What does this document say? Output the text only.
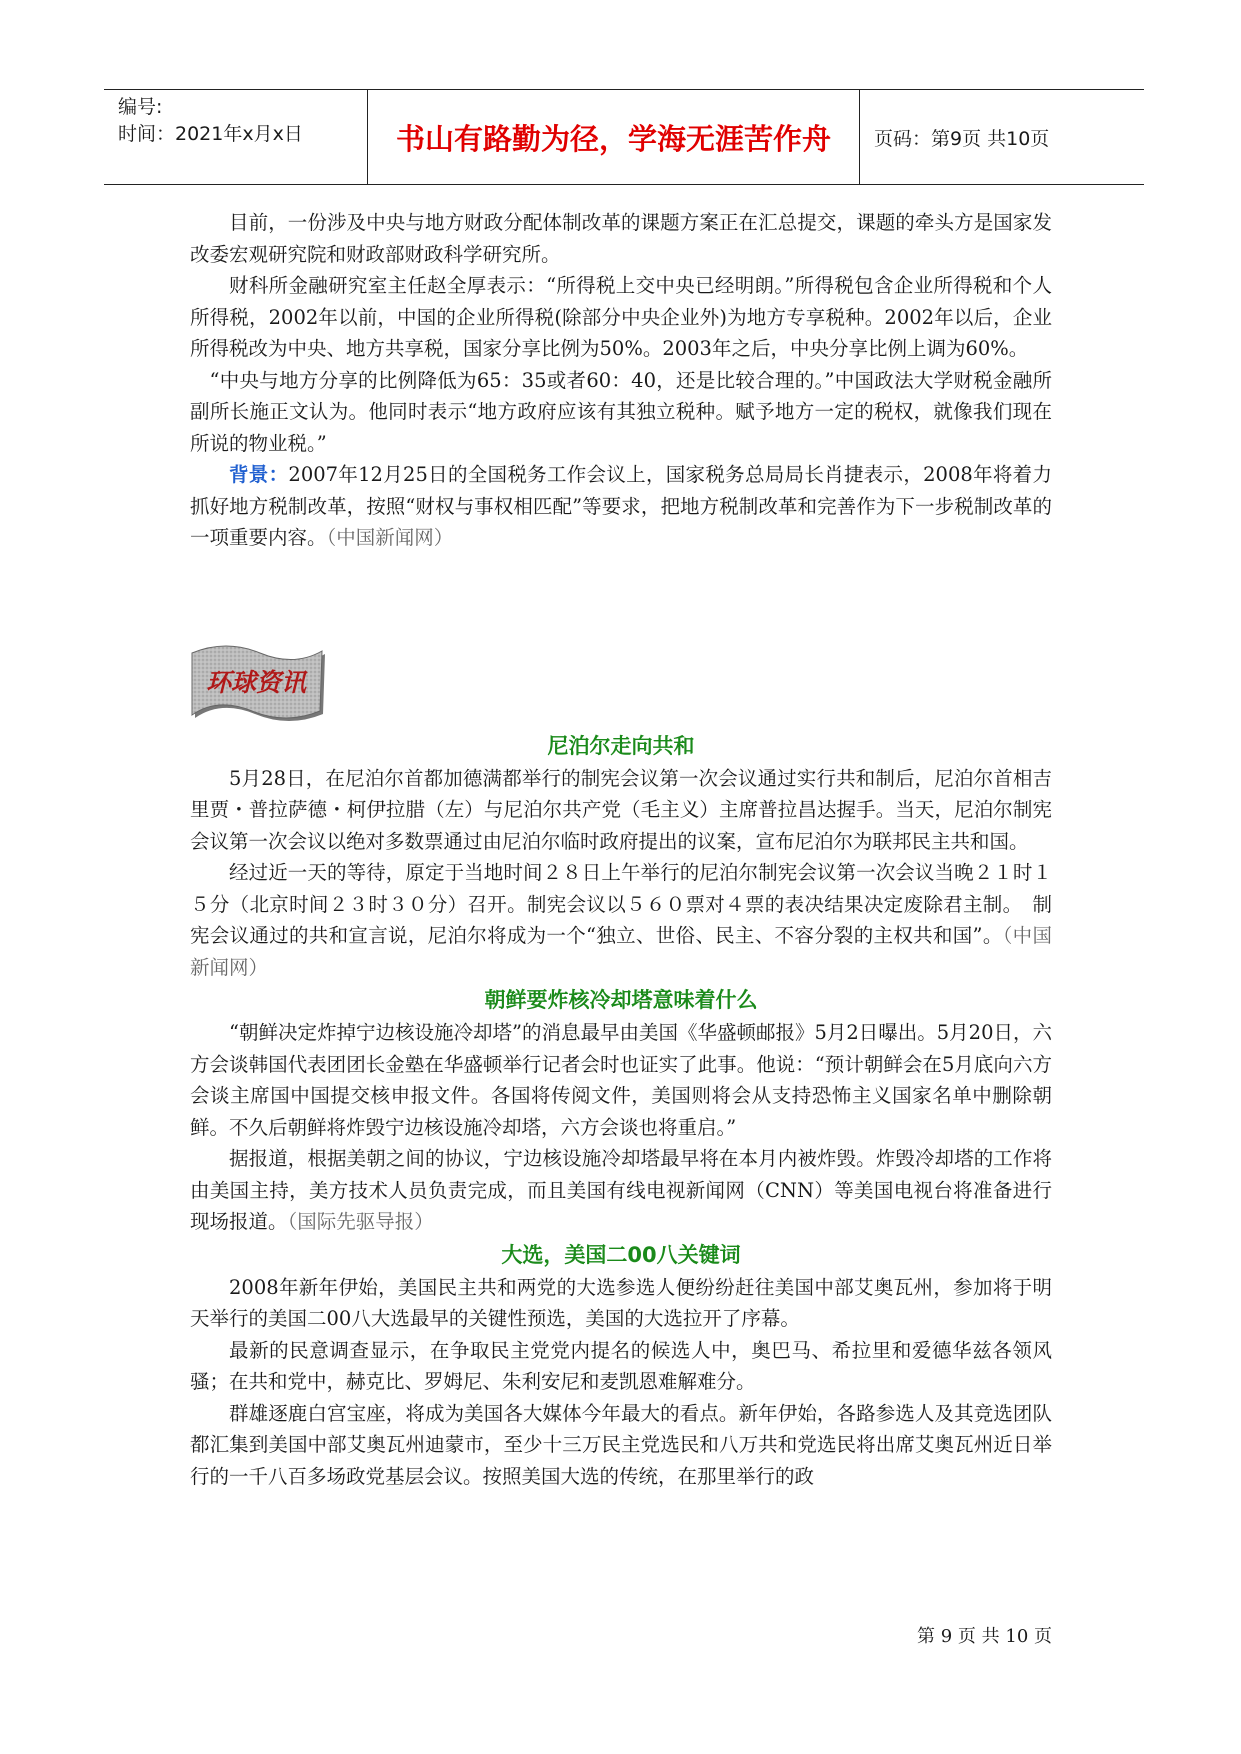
编号:
时间：2021年x月x日	书山有路勤为径，学海无涯苦作舟 页码：第9页 共10页

目前，一份涉及中央与地方财政分配体制改革的课题方案正在汇总提交，课题的牵头方是国家发改委宏观研究院和财政部财政科学研究所。

财科所金融研究室主任赵全厚表示：“所得税上交中央已经明朗。”所得税包含企业所得税和个人所得税，2002年以前，中国的企业所得税(除部分中央企业外)为地方专享税种。2002年以后，企业所得税改为中央、地方共享税，国家分享比例为50%。2003年之后，中央分享比例上调为60%。

“中央与地方分享的比例降低为65：35或者60：40，还是比较合理的。”中国政法大学财税金融所副所长施正文认为。他同时表示“地方政府应该有其独立税种。赋予地方一定的税权，就像我们现在所说的物业税。”

背景：2007年12月25日的全国税务工作会议上，国家税务总局局长肖捷表示，2008年将着力抓好地方税制改革，按照“财权与事权相匹配”等要求，把地方税制改革和完善作为下一步税制改革的一项重要内容。（中国新闻网）

环球资讯

尼泊尔走向共和

5月28日，在尼泊尔首都加德满都举行的制宪会议第一次会议通过实行共和制后，尼泊尔首相吉里贾・普拉萨德・柯伊拉腊（左）与尼泊尔共产党（毛主义）主席普拉昌达握手。当天，尼泊尔制宪会议第一次会议以绝对多数票通过由尼泊尔临时政府提出的议案，宣布尼泊尔为联邦民主共和国。

经过近一天的等待，原定于当地时间２８日上午举行的尼泊尔制宪会议第一次会议当晚２１时１５分（北京时间２３时３０分）召开。制宪会议以５６０票对４票的表决结果决定废除君主制。　制宪会议通过的共和宣言说，尼泊尔将成为一个“独立、世俗、民主、不容分裂的主权共和国”。（中国新闻网）

朝鲜要炸核冷却塔意味着什么

“朝鲜决定炸掉宁边核设施冷却塔”的消息最早由美国《华盛顿邮报》5月2日曝出。5月20日，六方会谈韩国代表团团长金塾在华盛顿举行记者会时也证实了此事。他说：“预计朝鲜会在5月底向六方会谈主席国中国提交核申报文件。各国将传阅文件，美国则将会从支持恐怖主义国家名单中删除朝鲜。不久后朝鲜将炸毁宁边核设施冷却塔，六方会谈也将重启。”

据报道，根据美朝之间的协议，宁边核设施冷却塔最早将在本月内被炸毁。炸毁冷却塔的工作将由美国主持，美方技术人员负责完成，而且美国有线电视新闻网（CNN）等美国电视台将准备进行现场报道。（国际先驱导报）

大选，美国二00八关键词

2008年新年伊始，美国民主共和两党的大选参选人便纷纷赶往美国中部艾奥瓦州，参加将于明天举行的美国二00八大选最早的关键性预选，美国的大选拉开了序幕。

最新的民意调查显示，在争取民主党党内提名的候选人中，奥巴马、希拉里和爱德华兹各领风骚；在共和党中，赫克比、罗姆尼、朱利安尼和麦凯恩难解难分。

群雄逐鹿白宫宝座，将成为美国各大媒体今年最大的看点。新年伊始，各路参选人及其竞选团队都汇集到美国中部艾奥瓦州迪蒙市，至少十三万民主党选民和八万共和党选民将出席艾奥瓦州近日举行的一千八百多场政党基层会议。按照美国大选的传统，在那里举行的政

第 9 页 共 10 页
